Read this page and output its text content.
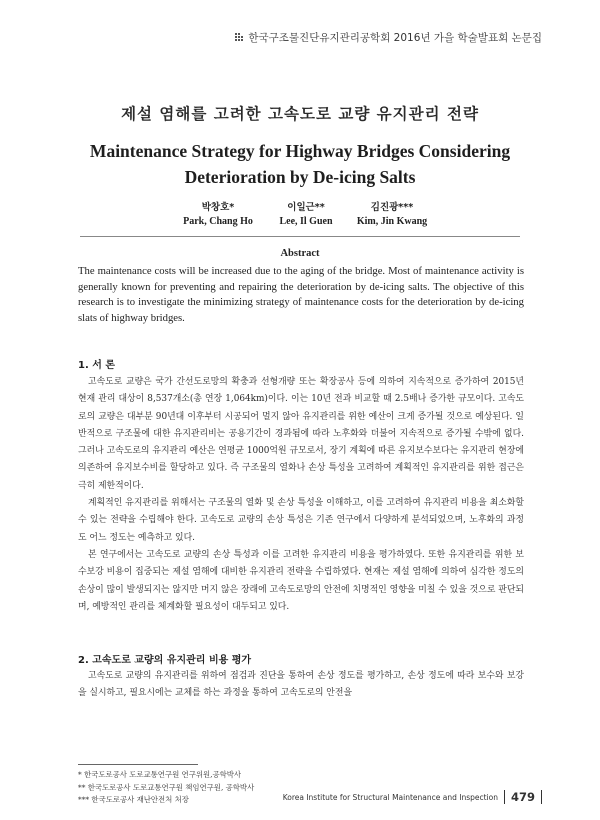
한국구조물진단유지관리공학회 2016년 가을 학술발표회 논문집
제설 염해를 고려한 고속도로 교량 유지관리 전략
Maintenance Strategy for Highway Bridges Considering
Deterioration by De-icing Salts
박창호*
Park, Chang Ho
이일근**
Lee, Il Guen
김진광***
Kim, Jin Kwang
Abstract

The maintenance costs will be increased due to the aging of the bridge. Most of maintenance activity is generally known for preventing and repairing the deterioration by de-icing salts. The objective of this research is to investigate the minimizing strategy of maintenance costs for the deterioration by de-icing slats of highway bridges.

1. 서 론

고속도로 교량은 국가 간선도로망의 확충과 선형개량 또는 확장공사 등에 의하여 지속적으로 증가하여 2015년 현재 관리 대상이 8,537개소(총 연장 1,064km)이다. 이는 10년 전과 비교할 때 2.5배나 증가한 규모이다. 고속도로의 교량은 대부분 90년대 이후부터 시공되어 멀지 않아 유지관리를 위한 예산이 크게 증가될 것으로 예상된다. 일반적으로 구조물에 대한 유지관리비는 공용기간이 경과됨에 따라 노후화와 더불어 지속적으로 증가될 수밖에 없다. 그러나 고속도로의 유지관리 예산은 연평균 1000억원 규모로서, 장기 계획에 따른 유지보수보다는 유지관리 현장에 의존하여 유지보수비를 할당하고 있다. 즉 구조물의 열화나 손상 특성을 고려하여 계획적인 유지관리를 위한 접근은 극히 제한적이다.

계획적인 유지관리를 위해서는 구조물의 열화 및 손상 특성을 이해하고, 이를 고려하여 유지관리 비용을 최소화할 수 있는 전략을 수립해야 한다. 고속도로 교량의 손상 특성은 기존 연구에서 다양하게 분석되었으며, 노후화의 과정도 어느 정도는 예측하고 있다.

본 연구에서는 고속도로 교량의 손상 특성과 이를 고려한 유지관리 비용을 평가하였다. 또한 유지관리를 위한 보수보강 비용이 집중되는 제설 염해에 대비한 유지관리 전략을 수립하였다. 현재는 제설 염해에 의하여 심각한 정도의 손상이 많이 발생되지는 않지만 머지 않은 장래에 고속도로망의 안전에 치명적인 영향을 미칠 수 있을 것으로 판단되며, 예방적인 관리를 체계화할 필요성이 대두되고 있다.

2. 고속도로 교량의 유지관리 비용 평가

고속도로 교량의 유지관리를 위하여 점검과 진단을 통하여 손상 정도를 평가하고, 손상 정도에 따라 보수와 보강을 실시하고, 필요시에는 교체를 하는 과정을 통하여 고속도로의 안전을

* 한국도로공사 도로교통연구원 연구위원,공학박사
** 한국도로공사 도로교통연구원 책임연구원, 공학박사
*** 한국도로공사 재난안전처 처장	Korea Institute for Structural Maintenance and Inspection 479
